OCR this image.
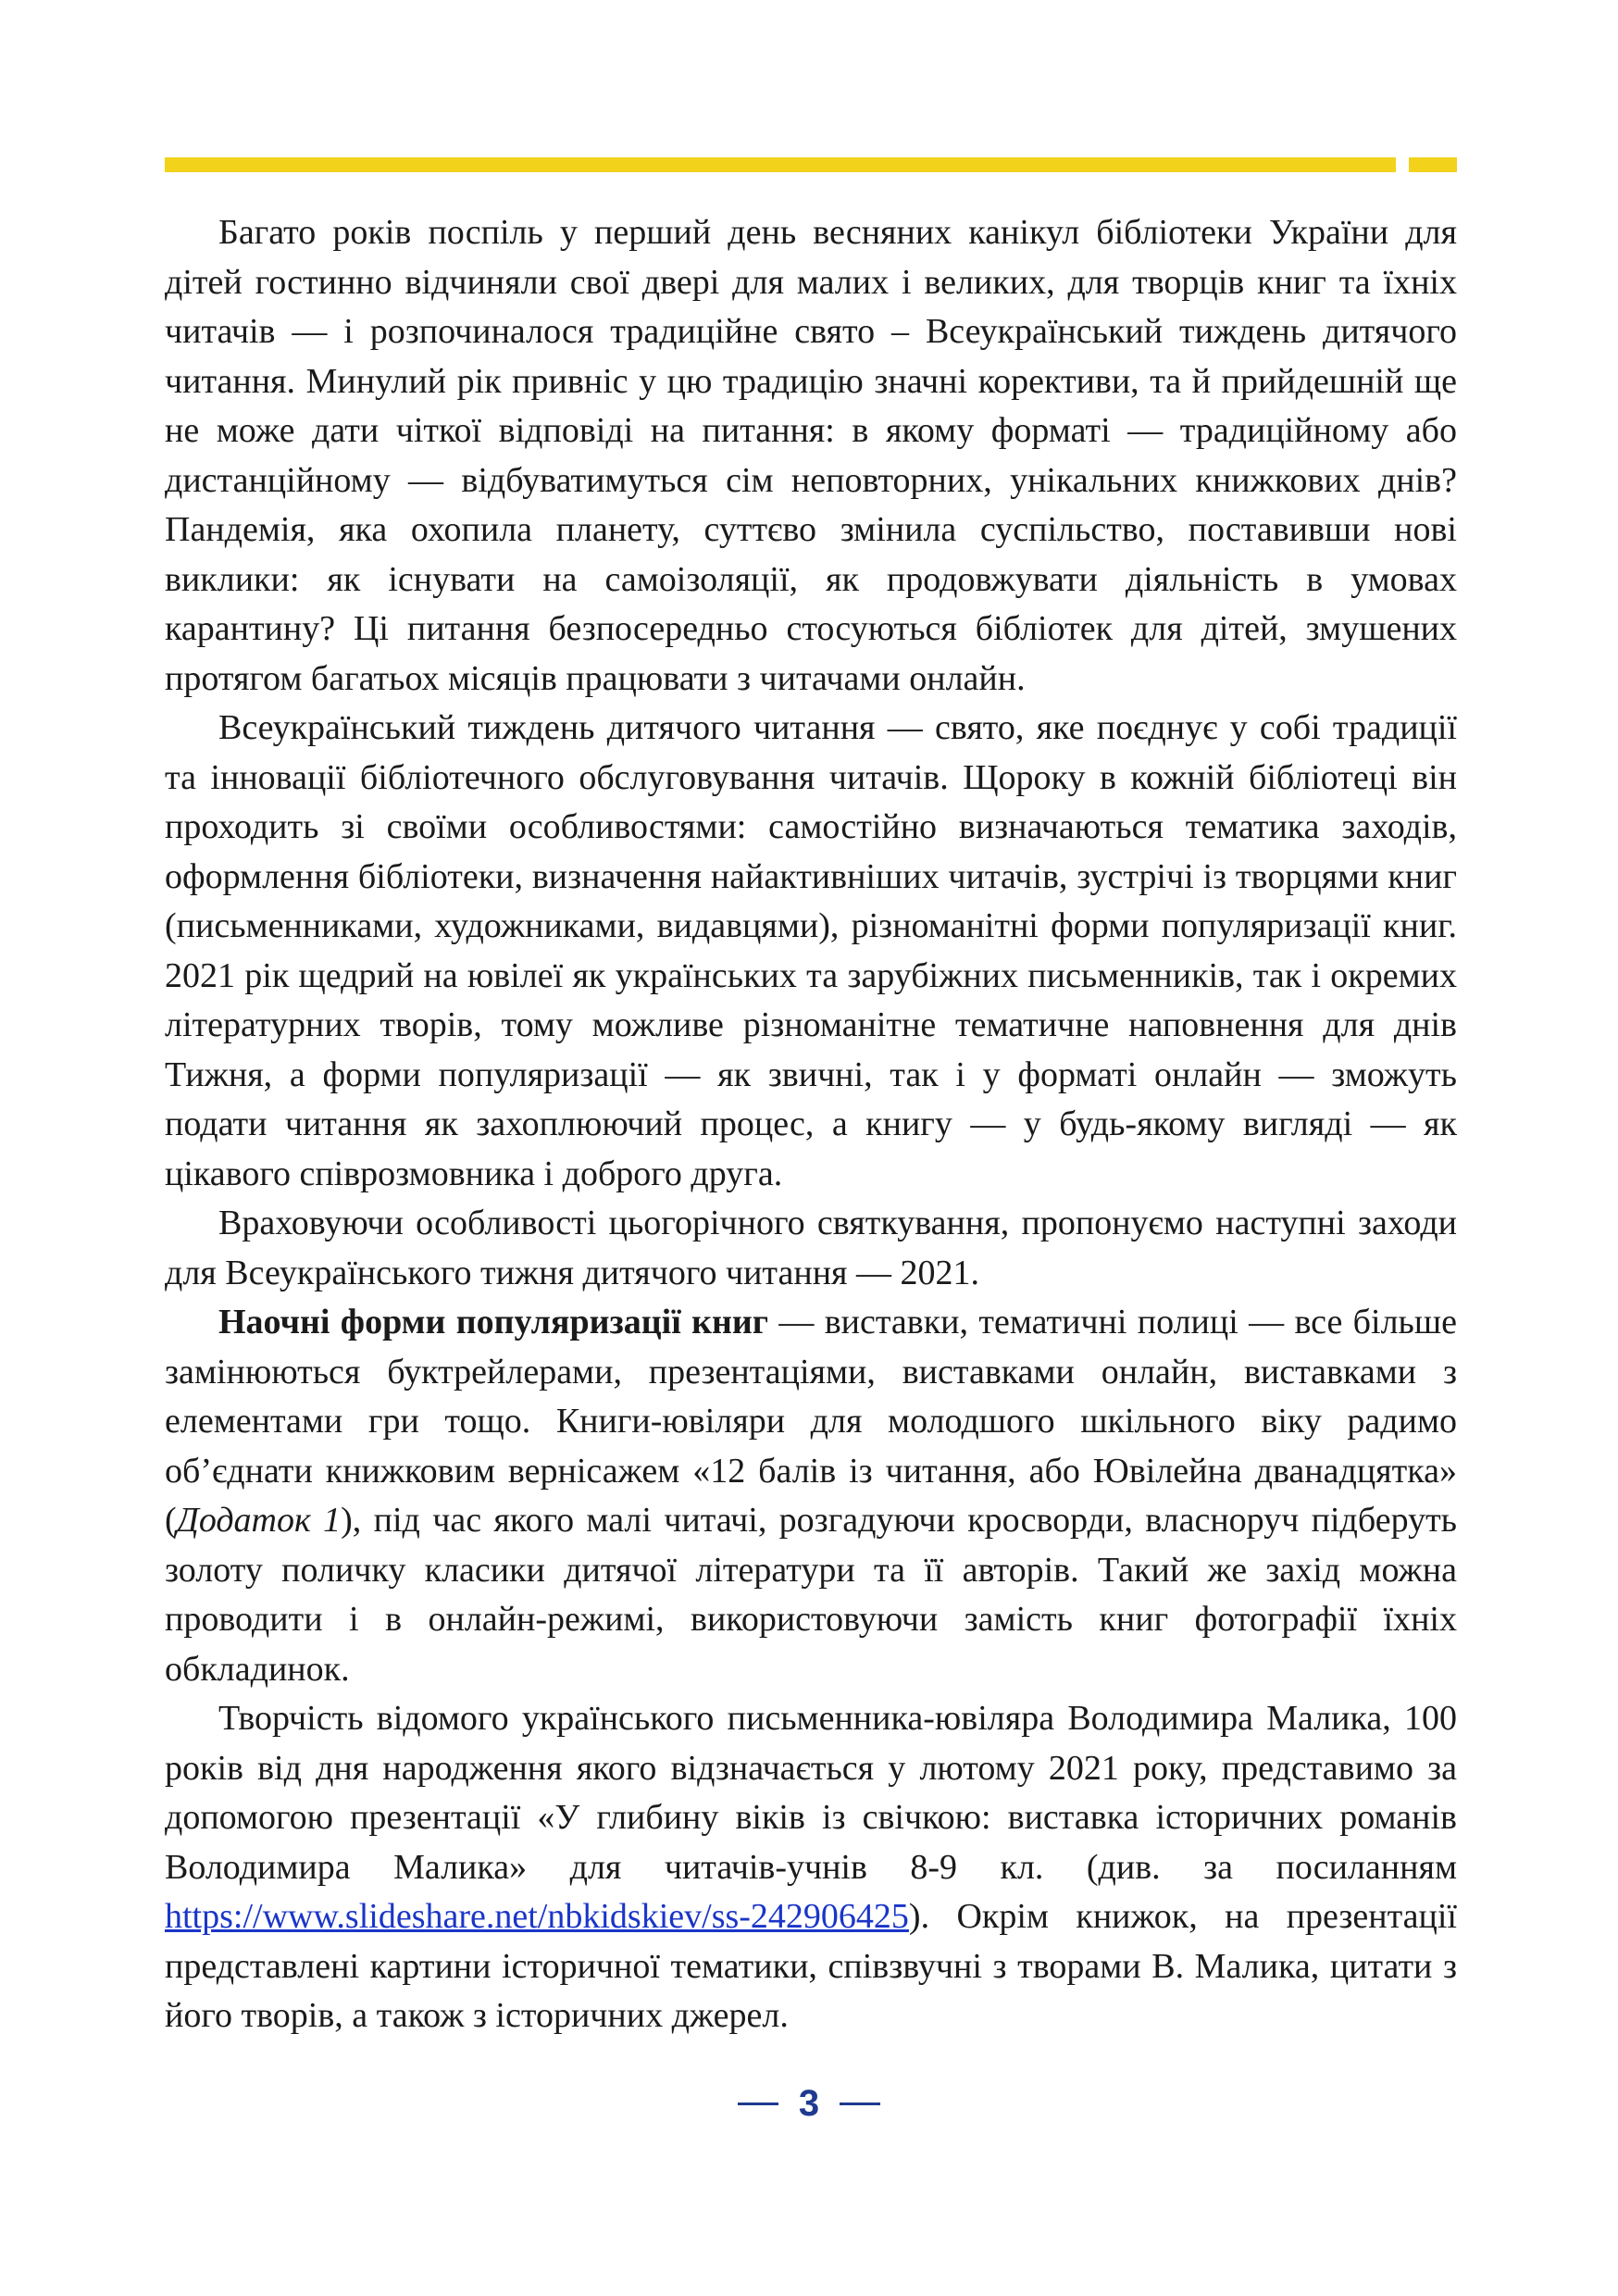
Багато років поспіль у перший день весняних канікул бібліотеки України для дітей гостинно відчиняли свої двері для малих і великих, для творців книг та їхніх читачів — і розпочиналося традиційне свято – Всеукраїнський тиждень дитячого читання. Минулий рік привніс у цю традицію значні корективи, та й прийдешній ще не може дати чіткої відповіді на питання: в якому форматі — традиційному або дистанційному — відбуватимуться сім неповторних, унікальних книжкових днів? Пандемія, яка охопила планету, суттєво змінила суспільство, поставивши нові виклики: як існувати на самоізоляції, як продовжувати діяльність в умовах карантину? Ці питання безпосередньо стосуються бібліотек для дітей, змушених протягом багатьох місяців працювати з читачами онлайн.

Всеукраїнський тиждень дитячого читання — свято, яке поєднує у собі традиції та інновації бібліотечного обслуговування читачів. Щороку в кожній бібліотеці він проходить зі своїми особливостями: самостійно визначаються тематика заходів, оформлення бібліотеки, визначення найактивніших читачів, зустрічі із творцями книг (письменниками, художниками, видавцями), різноманітні форми популяризації книг. 2021 рік щедрий на ювілеї як українських та зарубіжних письменників, так і окремих літературних творів, тому можливе різноманітне тематичне наповнення для днів Тижня, а форми популяризації — як звичні, так і у форматі онлайн — зможуть подати читання як захоплюючий процес, а книгу — у будь-якому вигляді — як цікавого співрозмовника і доброго друга.

Враховуючи особливості цьогорічного святкування, пропонуємо наступні заходи для Всеукраїнського тижня дитячого читання — 2021.

Наочні форми популяризації книг — виставки, тематичні полиці — все більше замінюються буктрейлерами, презентаціями, виставками онлайн, виставками з елементами гри тощо. Книги-ювіляри для молодшого шкільного віку радимо об’єднати книжковим вернісажем «12 балів із читання, або Ювілейна дванадцятка» (Додаток 1), під час якого малі читачі, розгадуючи кросворди, власноруч підберуть золоту поличку класики дитячої літератури та її авторів. Такий же захід можна проводити і в онлайн-режимі, використовуючи замість книг фотографії їхніх обкладинок.

Творчість відомого українського письменника-ювіляра Володимира Малика, 100 років від дня народження якого відзначається у лютому 2021 року, представимо за допомогою презентації «У глибину віків із свічкою: виставка історичних романів Володимира Малика» для читачів-учнів 8-9 кл. (див. за посиланням https://www.slideshare.net/nbkidskiev/ss-242906425). Окрім книжок, на презентації представлені картини історичної тематики, співзвучні з творами В. Малика, цитати з його творів, а також з історичних джерел.

3
